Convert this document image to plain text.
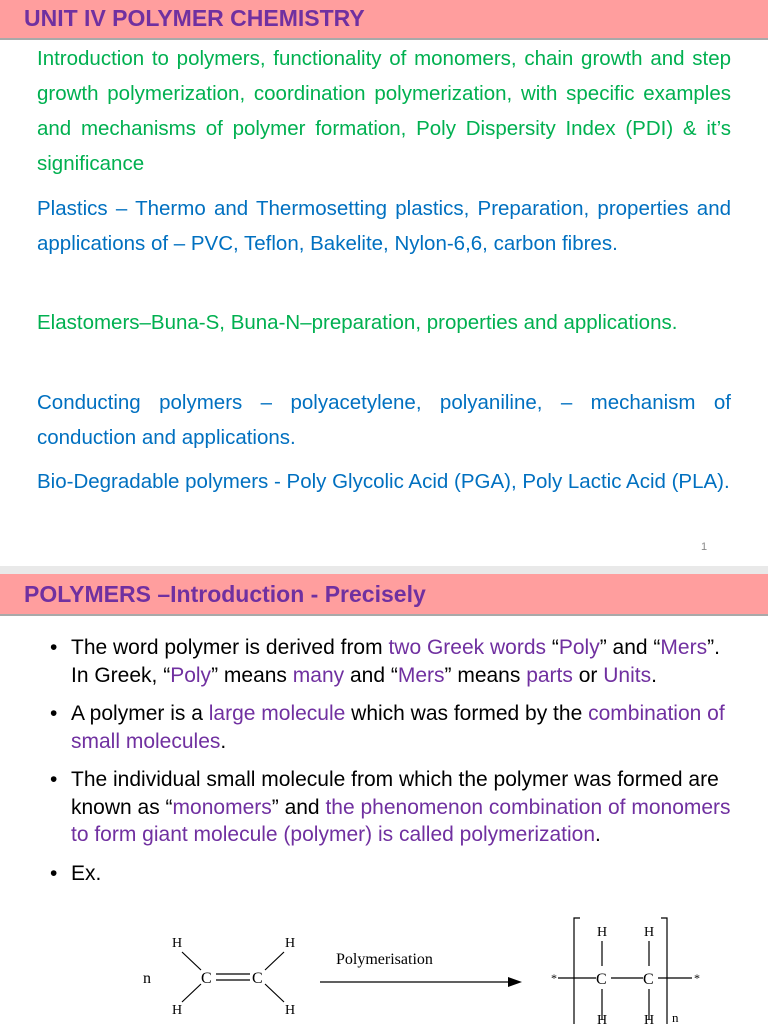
UNIT IV POLYMER CHEMISTRY
Introduction to polymers, functionality of monomers, chain growth and step growth polymerization, coordination polymerization, with specific examples and mechanisms of polymer formation, Poly Dispersity Index (PDI) & it’s significance
Plastics – Thermo and Thermosetting plastics, Preparation, properties and applications of – PVC, Teflon, Bakelite, Nylon-6,6, carbon fibres.
Elastomers–Buna-S, Buna-N–preparation, properties and applications.
Conducting polymers – polyacetylene, polyaniline, – mechanism of conduction and applications.
Bio-Degradable polymers - Poly Glycolic Acid (PGA), Poly Lactic Acid (PLA).
1
POLYMERS –Introduction - Precisely
• The word polymer is derived from two Greek words “Poly” and “Mers”. In Greek, “Poly” means many and “Mers” means parts or Units.
• A polymer is a large molecule which was formed by the combination of small molecules.
• The individual small molecule from which the polymer was formed are known as “monomers” and the phenomenon combination of monomers to form giant molecule (polymer) is called polymerization.
• Ex.
n
H	H
H	H
C	C
Polymerisation
*	*
C C
H	H
H	H n
